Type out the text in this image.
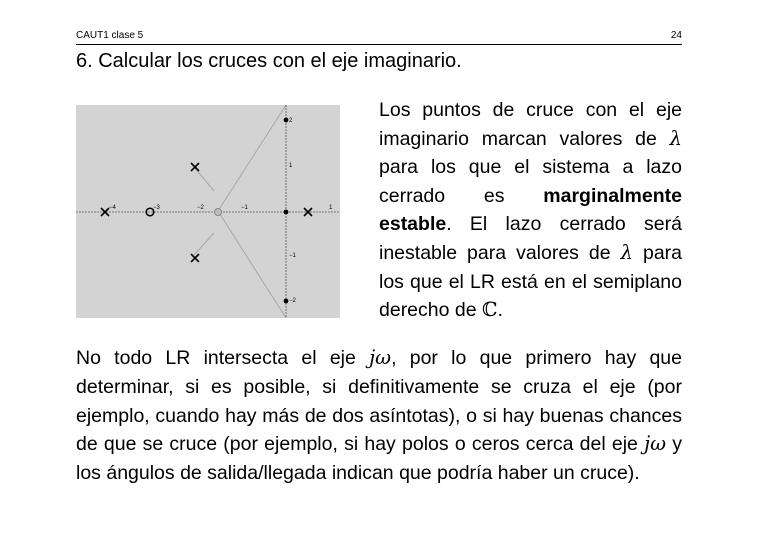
CAUT1 clase 5	24
6. Calcular los cruces con el eje imaginario.
−4	−3	−2	−1	1
2
1
−1
−2
Los puntos de cruce con el eje imaginario marcan valores de λ para los que el sistema a lazo cerrado es marginalmente estable. El lazo cerrado será inestable para valores de λ para los que el LR está en el semiplano derecho de ℂ.
No todo LR intersecta el eje jω, por lo que primero hay que determinar, si es posible, si definitivamente se cruza el eje (por ejemplo, cuando hay más de dos asíntotas), o si hay buenas chances de que se cruce (por ejemplo, si hay polos o ceros cerca del eje jω y los ángulos de salida/llegada indican que podría haber un cruce).
